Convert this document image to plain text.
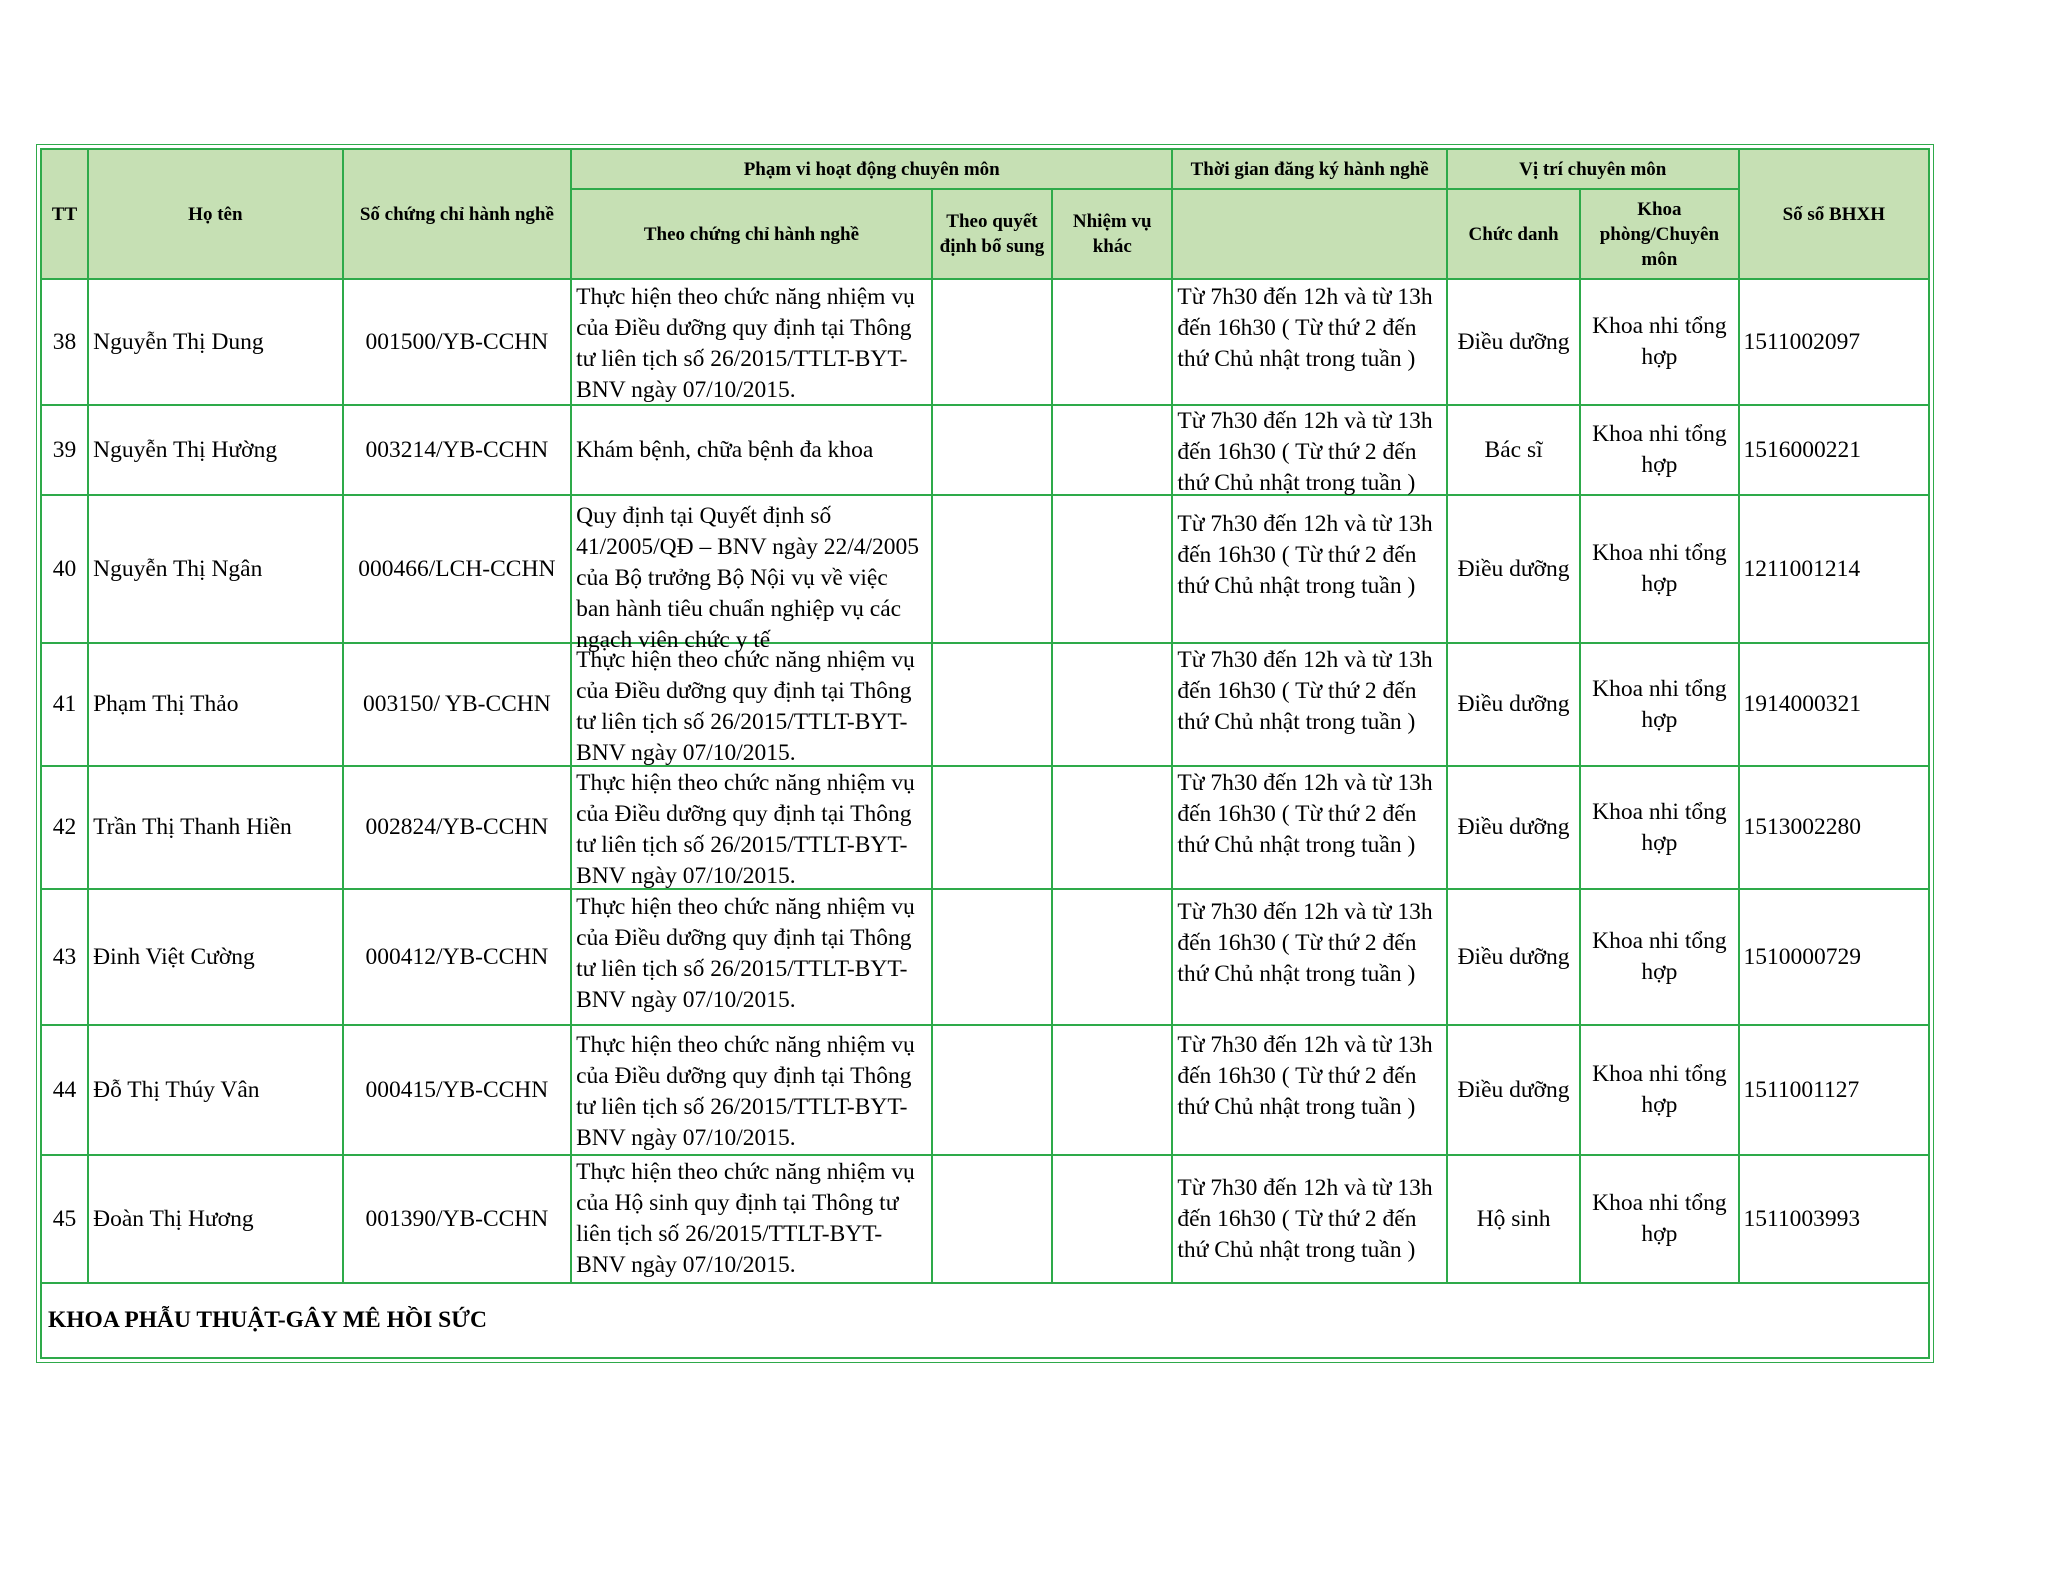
TT	Họ tên	Số chứng chỉ hành nghề	Phạm vi hoạt động chuyên môn			Thời gian đăng ký hành nghề	Vị trí chuyên môn		Số sổ BHXH
			Theo chứng chỉ hành nghề	Theo quyết định bổ sung	Nhiệm vụ khác		Chức danh	Khoa phòng/Chuyên môn	
38	Nguyễn Thị Dung	001500/YB-CCHN	Thực hiện theo chức năng nhiệm vụ của Điều dưỡng quy định tại Thông tư liên tịch số 26/2015/TTLT-BYT-BNV ngày 07/10/2015.			Từ 7h30 đến 12h và từ 13h đến 16h30 ( Từ thứ 2 đến thứ Chủ nhật trong tuần )	Điều dưỡng	Khoa nhi tổng hợp	1511002097
39	Nguyễn Thị Hường	003214/YB-CCHN	Khám bệnh, chữa bệnh đa khoa			Từ 7h30 đến 12h và từ 13h đến 16h30 ( Từ thứ 2 đến thứ Chủ nhật trong tuần )	Bác sĩ	Khoa nhi tổng hợp	1516000221
40	Nguyễn Thị Ngân	000466/LCH-CCHN	Quy định tại Quyết định số 41/2005/QĐ – BNV ngày 22/4/2005 của Bộ trưởng Bộ Nội vụ về việc ban hành tiêu chuẩn nghiệp vụ các ngạch viên chức y tế			Từ 7h30 đến 12h và từ 13h đến 16h30 ( Từ thứ 2 đến thứ Chủ nhật trong tuần )	Điều dưỡng	Khoa nhi tổng hợp	1211001214
41	Phạm Thị Thảo	003150/ YB-CCHN	Thực hiện theo chức năng nhiệm vụ của Điều dưỡng quy định tại Thông tư liên tịch số 26/2015/TTLT-BYT-BNV ngày 07/10/2015.			Từ 7h30 đến 12h và từ 13h đến 16h30 ( Từ thứ 2 đến thứ Chủ nhật trong tuần )	Điều dưỡng	Khoa nhi tổng hợp	1914000321
42	Trần Thị Thanh Hiền	002824/YB-CCHN	Thực hiện theo chức năng nhiệm vụ của Điều dưỡng quy định tại Thông tư liên tịch số 26/2015/TTLT-BYT-BNV ngày 07/10/2015.			Từ 7h30 đến 12h và từ 13h đến 16h30 ( Từ thứ 2 đến thứ Chủ nhật trong tuần )	Điều dưỡng	Khoa nhi tổng hợp	1513002280
43	Đinh Việt Cường	000412/YB-CCHN	Thực hiện theo chức năng nhiệm vụ của Điều dưỡng quy định tại Thông tư liên tịch số 26/2015/TTLT-BYT-BNV ngày 07/10/2015.			Từ 7h30 đến 12h và từ 13h đến 16h30 ( Từ thứ 2 đến thứ Chủ nhật trong tuần )	Điều dưỡng	Khoa nhi tổng hợp	1510000729
44	Đỗ Thị Thúy Vân	000415/YB-CCHN	Thực hiện theo chức năng nhiệm vụ của Điều dưỡng quy định tại Thông tư liên tịch số 26/2015/TTLT-BYT-BNV ngày 07/10/2015.			Từ 7h30 đến 12h và từ 13h đến 16h30 ( Từ thứ 2 đến thứ Chủ nhật trong tuần )	Điều dưỡng	Khoa nhi tổng hợp	1511001127
45	Đoàn Thị Hương	001390/YB-CCHN	Thực hiện theo chức năng nhiệm vụ của Hộ sinh quy định tại Thông tư liên tịch số 26/2015/TTLT-BYT-BNV ngày 07/10/2015.			Từ 7h30 đến 12h và từ 13h đến 16h30 ( Từ thứ 2 đến thứ Chủ nhật trong tuần )	Hộ sinh	Khoa nhi tổng hợp	1511003993
KHOA PHẪU THUẬT-GÂY MÊ HỒI SỨC									
